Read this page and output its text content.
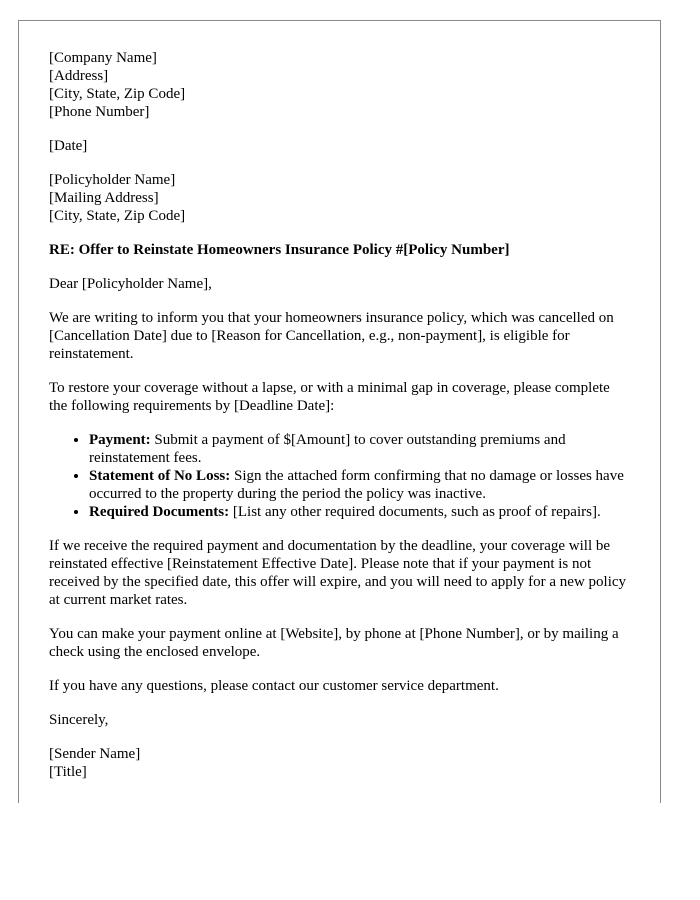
[Company Name]
[Address]
[City, State, Zip Code]
[Phone Number]
[Date]
[Policyholder Name]
[Mailing Address]
[City, State, Zip Code]

RE: Offer to Reinstate Homeowners Insurance Policy #[Policy Number]

Dear [Policyholder Name],

We are writing to inform you that your homeowners insurance policy, which was cancelled on [Cancellation Date] due to [Reason for Cancellation, e.g., non-payment], is eligible for reinstatement.

To restore your coverage without a lapse, or with a minimal gap in coverage, please complete the following requirements by [Deadline Date]:

• Payment: Submit a payment of $[Amount] to cover outstanding premiums and reinstatement fees.
• Statement of No Loss: Sign the attached form confirming that no damage or losses have occurred to the property during the period the policy was inactive.
• Required Documents: [List any other required documents, such as proof of repairs].

If we receive the required payment and documentation by the deadline, your coverage will be reinstated effective [Reinstatement Effective Date]. Please note that if your payment is not received by the specified date, this offer will expire, and you will need to apply for a new policy at current market rates.

You can make your payment online at [Website], by phone at [Phone Number], or by mailing a check using the enclosed envelope.

If you have any questions, please contact our customer service department.

Sincerely,

[Sender Name]
[Title]
